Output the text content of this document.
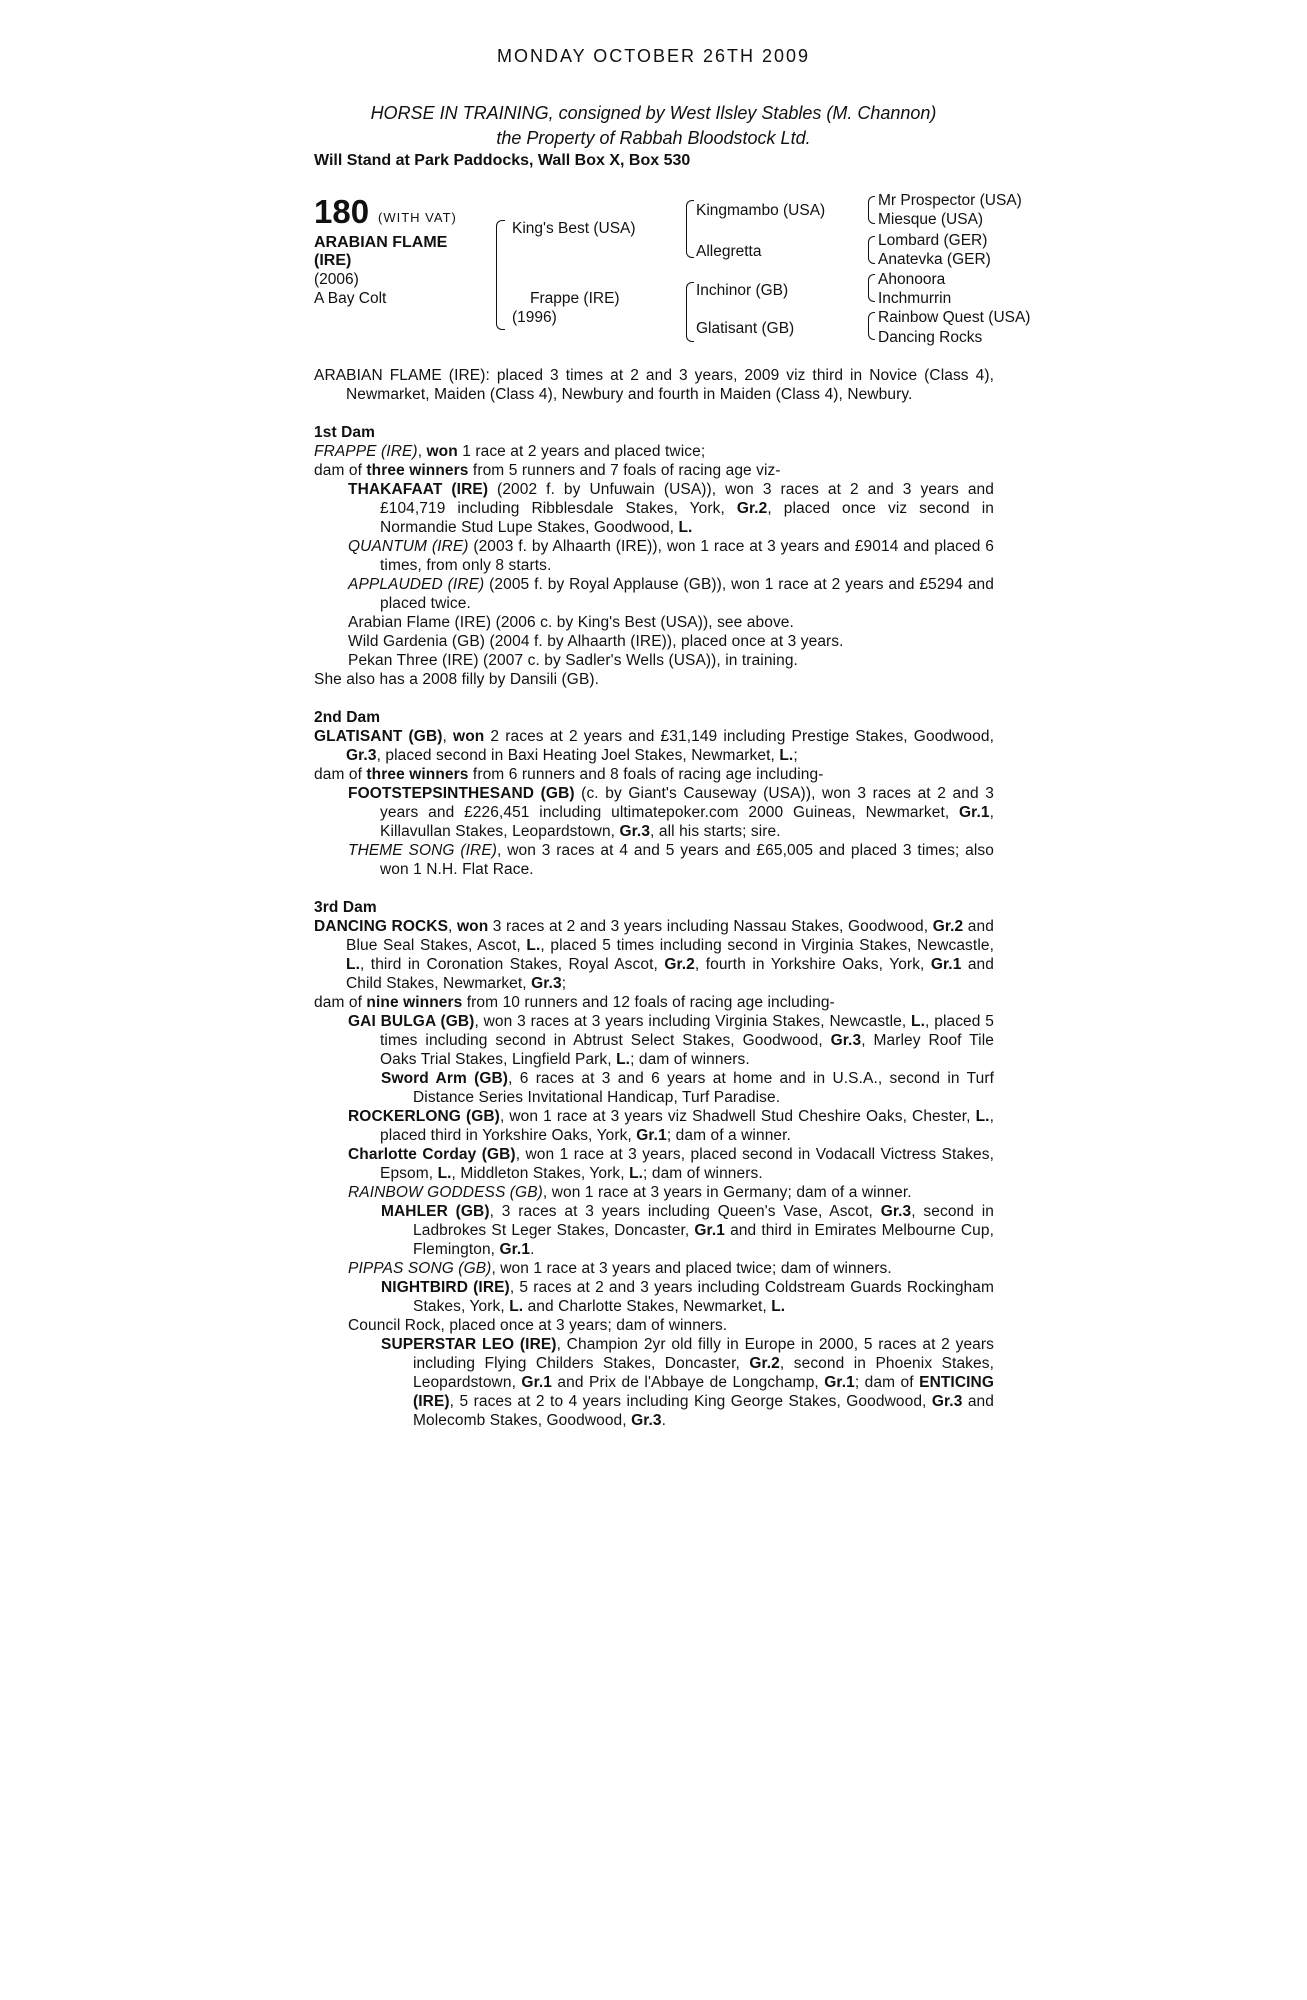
MONDAY OCTOBER 26TH 2009
HORSE IN TRAINING, consigned by West Ilsley Stables (M. Channon)
the Property of Rabbah Bloodstock Ltd.
Will Stand at Park Paddocks, Wall Box X, Box 530
180 (WITH VAT)
ARABIAN FLAME (IRE)
(2006)
A Bay Colt
King's Best (USA)
Frappe (IRE)
(1996)
Kingmambo (USA)
Allegretta
Inchinor (GB)
Glatisant (GB)
Mr Prospector (USA)
Miesque (USA)
Lombard (GER)
Anatevka (GER)
Ahonoora
Inchmurrin
Rainbow Quest (USA)
Dancing Rocks

ARABIAN FLAME (IRE): placed 3 times at 2 and 3 years, 2009 viz third in Novice (Class 4), Newmarket, Maiden (Class 4), Newbury and fourth in Maiden (Class 4), Newbury.

1st Dam

FRAPPE (IRE), won 1 race at 2 years and placed twice;

dam of three winners from 5 runners and 7 foals of racing age viz-

THAKAFAAT (IRE) (2002 f. by Unfuwain (USA)), won 3 races at 2 and 3 years and £104,719 including Ribblesdale Stakes, York, Gr.2, placed once viz second in Normandie Stud Lupe Stakes, Goodwood, L.

QUANTUM (IRE) (2003 f. by Alhaarth (IRE)), won 1 race at 3 years and £9014 and placed 6 times, from only 8 starts.

APPLAUDED (IRE) (2005 f. by Royal Applause (GB)), won 1 race at 2 years and £5294 and placed twice.

Arabian Flame (IRE) (2006 c. by King's Best (USA)), see above.

Wild Gardenia (GB) (2004 f. by Alhaarth (IRE)), placed once at 3 years.

Pekan Three (IRE) (2007 c. by Sadler's Wells (USA)), in training.

She also has a 2008 filly by Dansili (GB).

2nd Dam

GLATISANT (GB), won 2 races at 2 years and £31,149 including Prestige Stakes, Goodwood, Gr.3, placed second in Baxi Heating Joel Stakes, Newmarket, L.;

dam of three winners from 6 runners and 8 foals of racing age including-

FOOTSTEPSINTHESAND (GB) (c. by Giant's Causeway (USA)), won 3 races at 2 and 3 years and £226,451 including ultimatepoker.com 2000 Guineas, Newmarket, Gr.1, Killavullan Stakes, Leopardstown, Gr.3, all his starts; sire.

THEME SONG (IRE), won 3 races at 4 and 5 years and £65,005 and placed 3 times; also won 1 N.H. Flat Race.

3rd Dam

DANCING ROCKS, won 3 races at 2 and 3 years including Nassau Stakes, Goodwood, Gr.2 and Blue Seal Stakes, Ascot, L., placed 5 times including second in Virginia Stakes, Newcastle, L., third in Coronation Stakes, Royal Ascot, Gr.2, fourth in Yorkshire Oaks, York, Gr.1 and Child Stakes, Newmarket, Gr.3;

dam of nine winners from 10 runners and 12 foals of racing age including-

GAI BULGA (GB), won 3 races at 3 years including Virginia Stakes, Newcastle, L., placed 5 times including second in Abtrust Select Stakes, Goodwood, Gr.3, Marley Roof Tile Oaks Trial Stakes, Lingfield Park, L.; dam of winners.

Sword Arm (GB), 6 races at 3 and 6 years at home and in U.S.A., second in Turf Distance Series Invitational Handicap, Turf Paradise.

ROCKERLONG (GB), won 1 race at 3 years viz Shadwell Stud Cheshire Oaks, Chester, L., placed third in Yorkshire Oaks, York, Gr.1; dam of a winner.

Charlotte Corday (GB), won 1 race at 3 years, placed second in Vodacall Victress Stakes, Epsom, L., Middleton Stakes, York, L.; dam of winners.

RAINBOW GODDESS (GB), won 1 race at 3 years in Germany; dam of a winner.

MAHLER (GB), 3 races at 3 years including Queen's Vase, Ascot, Gr.3, second in Ladbrokes St Leger Stakes, Doncaster, Gr.1 and third in Emirates Melbourne Cup, Flemington, Gr.1.

PIPPAS SONG (GB), won 1 race at 3 years and placed twice; dam of winners.

NIGHTBIRD (IRE), 5 races at 2 and 3 years including Coldstream Guards Rockingham Stakes, York, L. and Charlotte Stakes, Newmarket, L.

Council Rock, placed once at 3 years; dam of winners.

SUPERSTAR LEO (IRE), Champion 2yr old filly in Europe in 2000, 5 races at 2 years including Flying Childers Stakes, Doncaster, Gr.2, second in Phoenix Stakes, Leopardstown, Gr.1 and Prix de l'Abbaye de Longchamp, Gr.1; dam of ENTICING (IRE), 5 races at 2 to 4 years including King George Stakes, Goodwood, Gr.3 and Molecomb Stakes, Goodwood, Gr.3.
